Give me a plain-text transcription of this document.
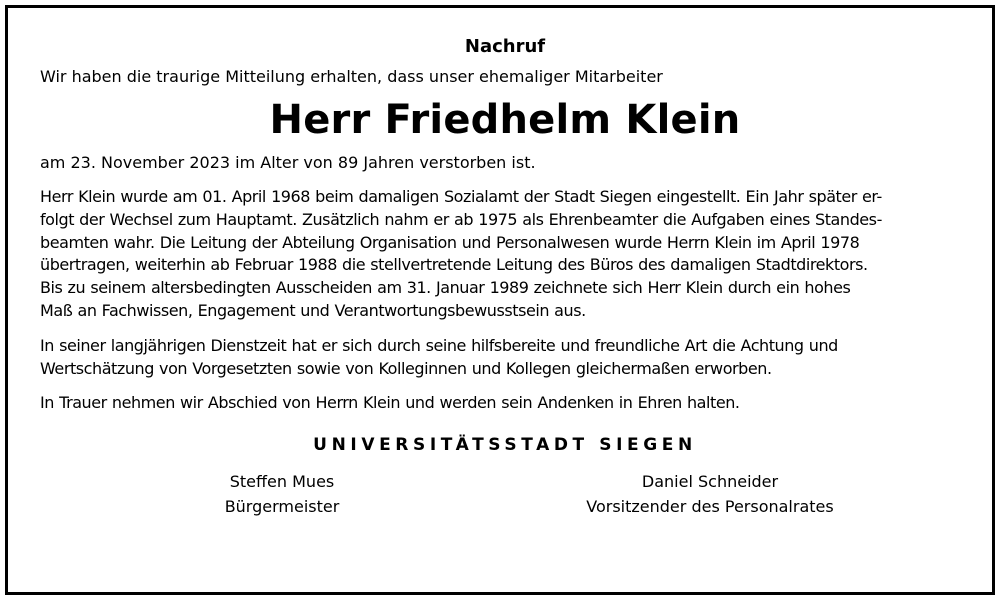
Nachruf

Wir haben die traurige Mitteilung erhalten, dass unser ehemaliger Mitarbeiter

Herr Friedhelm Klein

am 23. November 2023 im Alter von 89 Jahren verstorben ist.

Herr Klein wurde am 01. April 1968 beim damaligen Sozialamt der Stadt Siegen eingestellt. Ein Jahr später er-
folgt der Wechsel zum Hauptamt. Zusätzlich nahm er ab 1975 als Ehrenbeamter die Aufgaben eines Standes-
beamten wahr. Die Leitung der Abteilung Organisation und Personalwesen wurde Herrn Klein im April 1978
übertragen, weiterhin ab Februar 1988 die stellvertretende Leitung des Büros des damaligen Stadtdirektors.
Bis zu seinem altersbedingten Ausscheiden am 31. Januar 1989 zeichnete sich Herr Klein durch ein hohes
Maß an Fachwissen, Engagement und Verantwortungsbewusstsein aus.

In seiner langjährigen Dienstzeit hat er sich durch seine hilfsbereite und freundliche Art die Achtung und
Wertschätzung von Vorgesetzten sowie von Kolleginnen und Kollegen gleichermaßen erworben.

In Trauer nehmen wir Abschied von Herrn Klein und werden sein Andenken in Ehren halten.

UNIVERSITÄTSSTADT SIEGEN

Steffen Mues
Bürgermeister
Daniel Schneider
Vorsitzender des Personalrates
